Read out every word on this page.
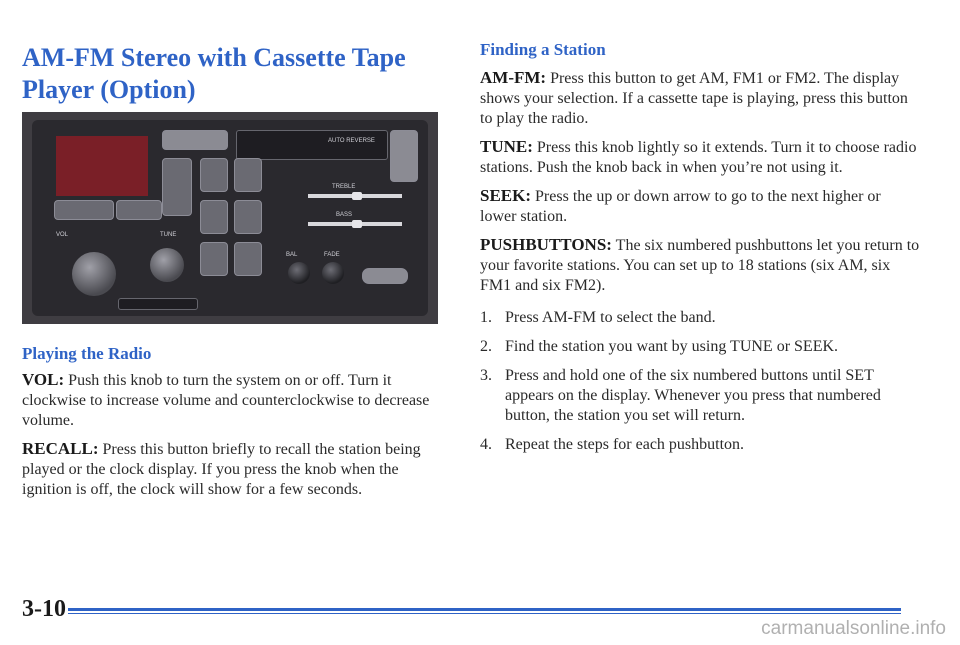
AM-FM Stereo with Cassette Tape Player (Option)
AUTO REVERSE
VOL	TUNE
TREBLE
BASS
BAL	FADE
Playing the Radio

VOL: Push this knob to turn the system on or off. Turn it clockwise to increase volume and counterclockwise to decrease volume.

RECALL: Press this button briefly to recall the station being played or the clock display. If you press the knob when the ignition is off, the clock will show for a few seconds.

Finding a Station

AM-FM: Press this button to get AM, FM1 or FM2. The display shows your selection. If a cassette tape is playing, press this button to play the radio.

TUNE: Press this knob lightly so it extends. Turn it to choose radio stations. Push the knob back in when you’re not using it.

SEEK: Press the up or down arrow to go to the next higher or lower station.

PUSHBUTTONS: The six numbered pushbuttons let you return to your favorite stations. You can set up to 18 stations (six AM, six FM1 and six FM2).

1. Press AM-FM to select the band.
2. Find the station you want by using TUNE or SEEK.
3. Press and hold one of the six numbered buttons until SET appears on the display. Whenever you press that numbered button, the station you set will return.
4. Repeat the steps for each pushbutton.
3-10
carmanualsonline.info
